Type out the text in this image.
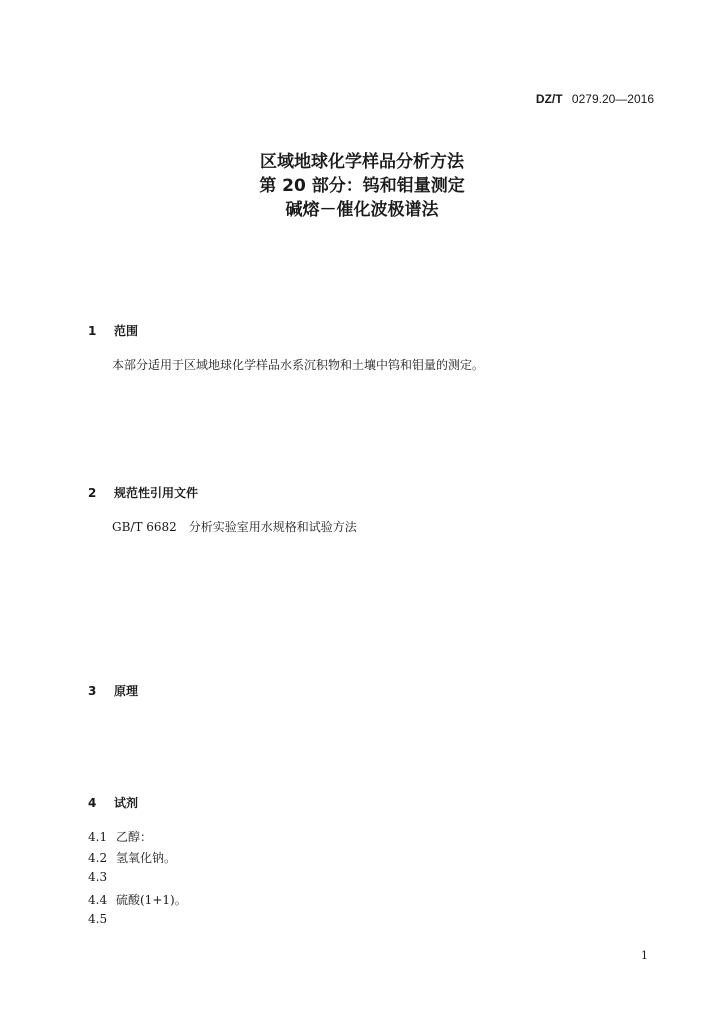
DZ/T 0279.20—2016
区域地球化学样品分析方法
第 20 部分：钨和钼量测定
碱熔－催化波极谱法
1 范围

本部分适用于区域地球化学样品水系沉积物和土壤中钨和钼量的测定。

2 规范性引用文件

GB/T 6682　分析实验室用水规格和试验方法

3 原理

4 试剂
4.1 乙醇：
4.2 氢氧化钠。
4.3
4.4 硫酸(1+1)。
4.5
1
